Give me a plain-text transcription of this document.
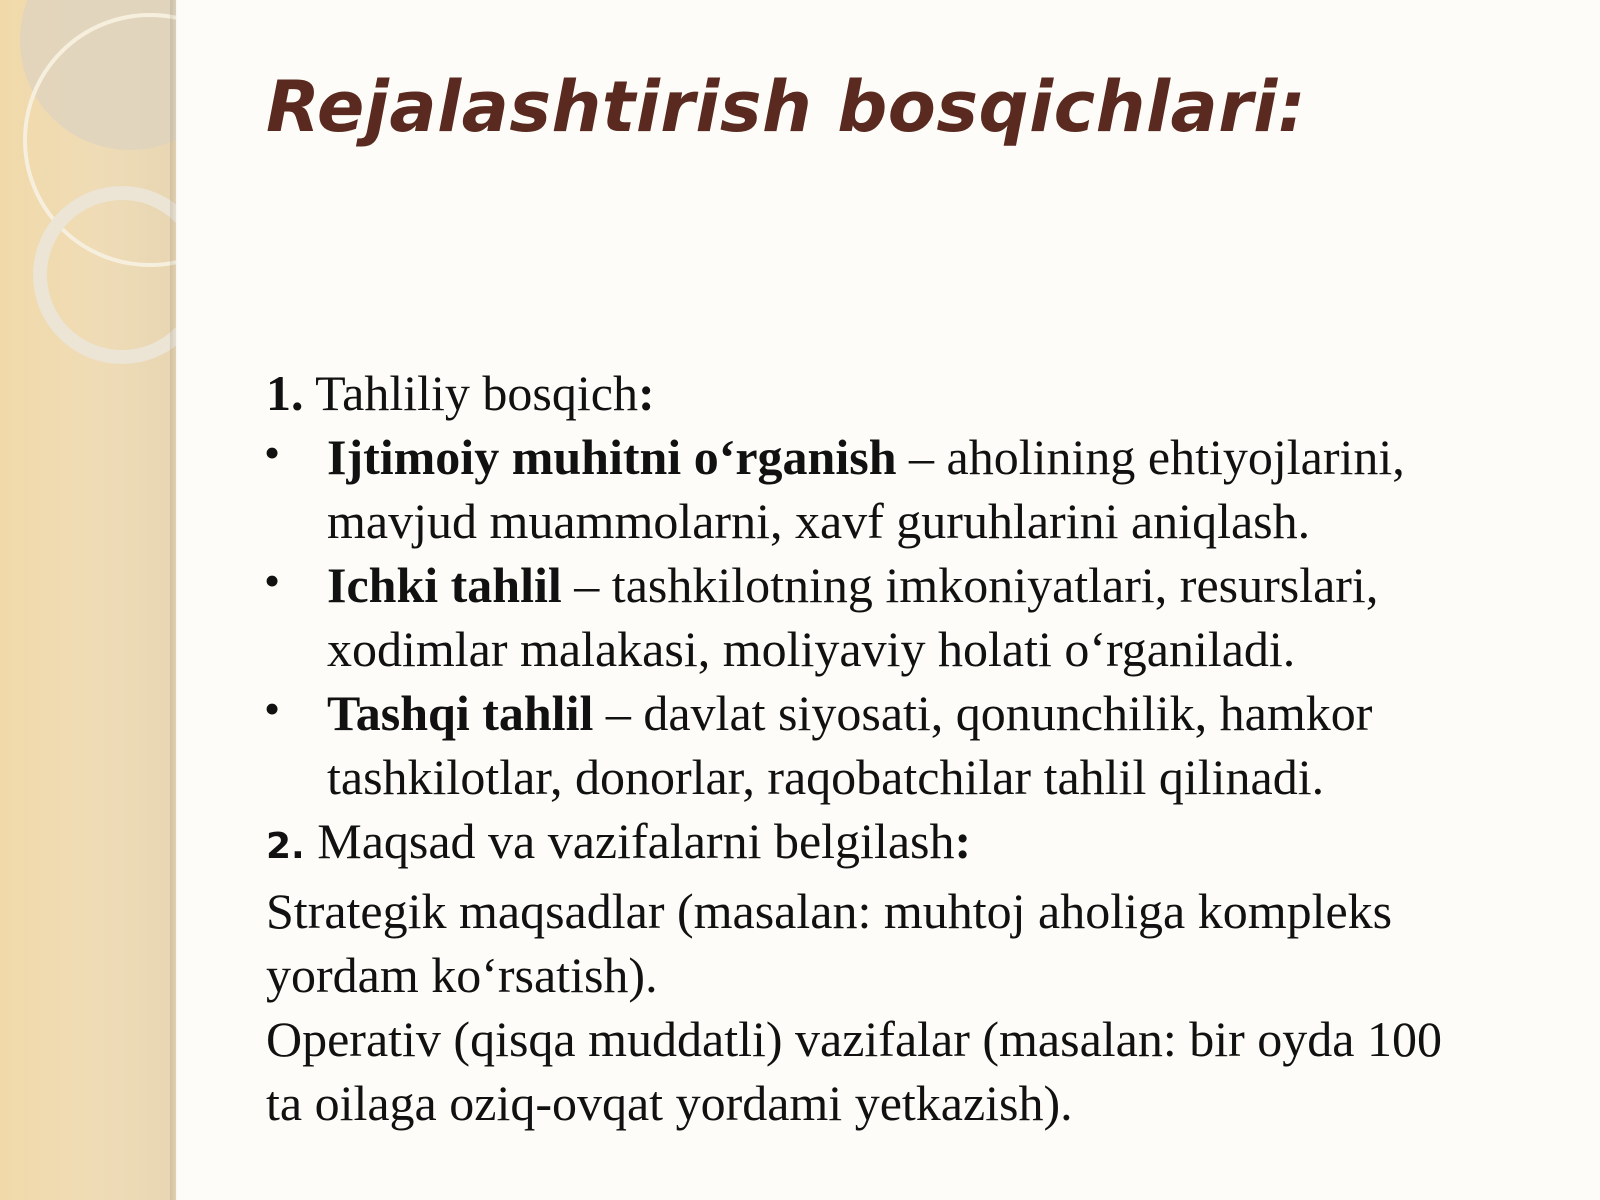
Rejalashtirish bosqichlari:
1. Tahliliy bosqich:
• Ijtimoiy muhitni o‘rganish – aholining ehtiyojlarini,
mavjud muammolarni, xavf guruhlarini aniqlash.
• Ichki tahlil – tashkilotning imkoniyatlari, resurslari,
xodimlar malakasi, moliyaviy holati o‘rganiladi.
• Tashqi tahlil – davlat siyosati, qonunchilik, hamkor
tashkilotlar, donorlar, raqobatchilar tahlil qilinadi.
2. Maqsad va vazifalarni belgilash:
Strategik maqsadlar (masalan: muhtoj aholiga kompleks
yordam ko‘rsatish).
Operativ (qisqa muddatli) vazifalar (masalan: bir oyda 100
ta oilaga oziq-ovqat yordami yetkazish).
